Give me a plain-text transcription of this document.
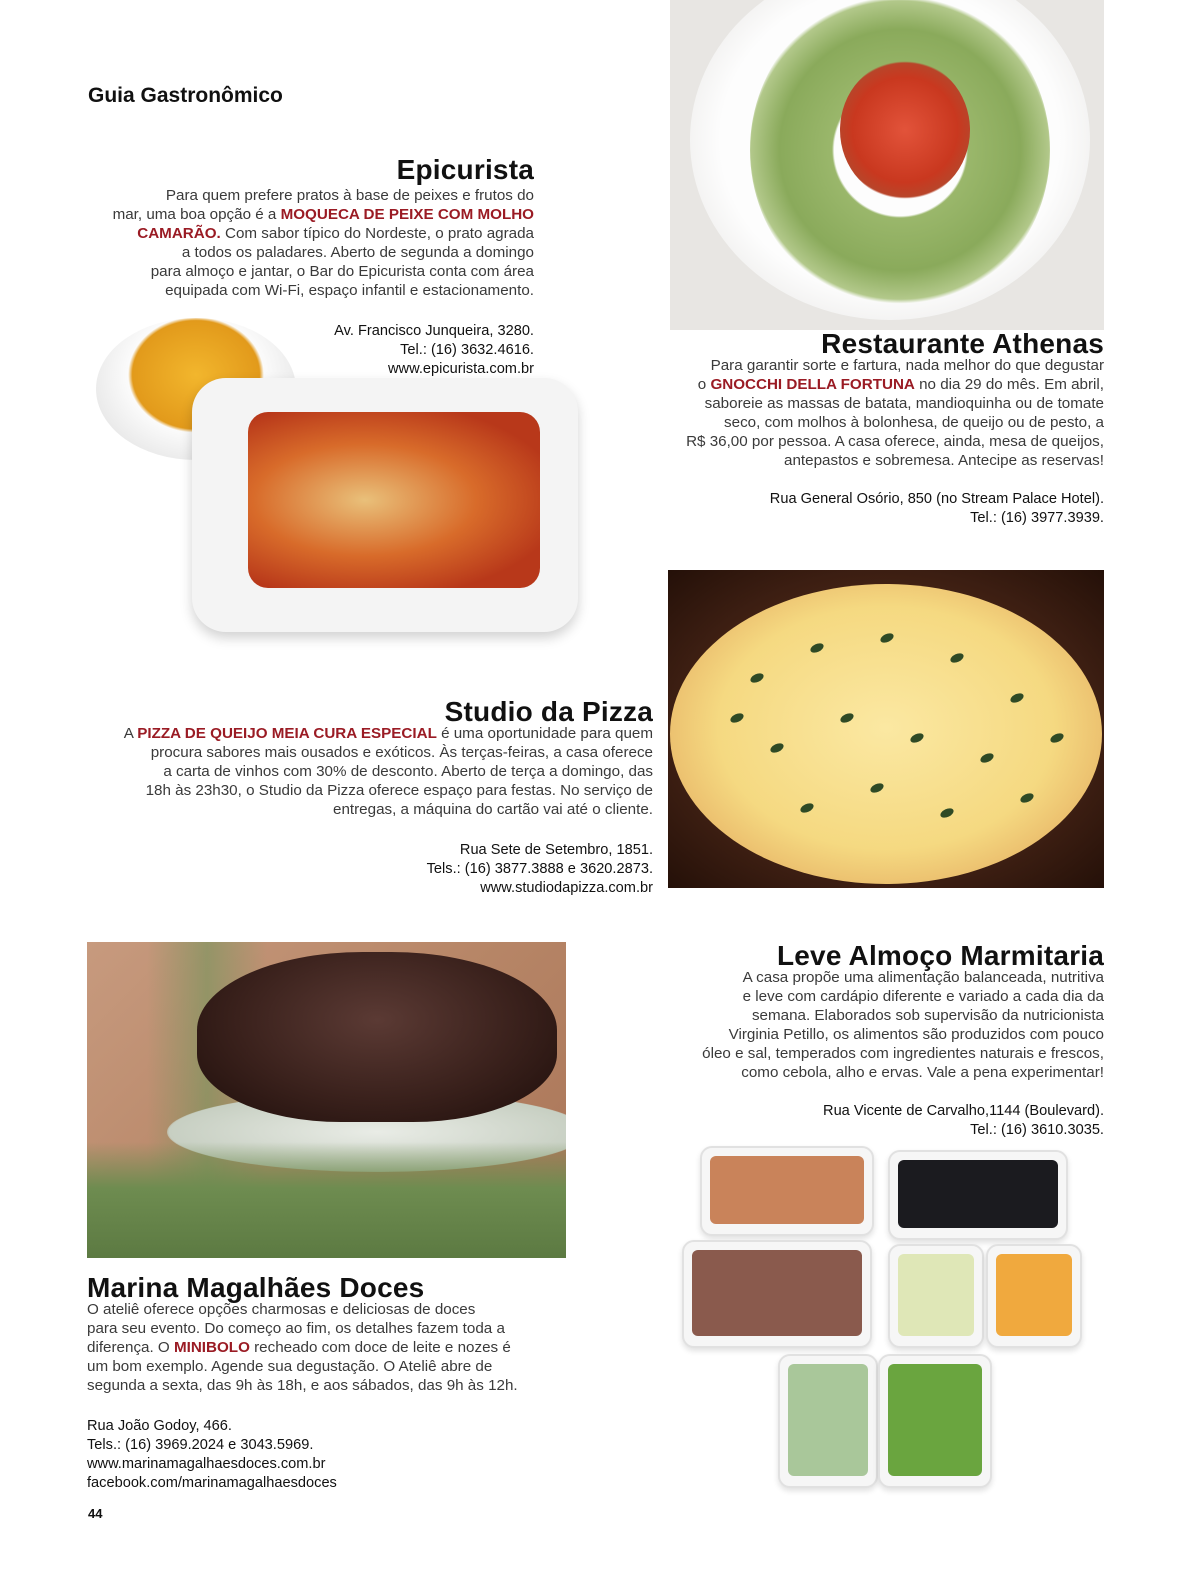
Guia Gastronômico
Epicurista
Para quem prefere pratos à base de peixes e frutos do
mar, uma boa opção é a MOQUECA DE PEIXE COM MOLHO
CAMARÃO. Com sabor típico do Nordeste, o prato agrada
a todos os paladares. Aberto de segunda a domingo
para almoço e jantar, o Bar do Epicurista conta com área
equipada com Wi-Fi, espaço infantil e estacionamento.
Av. Francisco Junqueira, 3280.
Tel.: (16) 3632.4616.
www.epicurista.com.br
Restaurante Athenas
Para garantir sorte e fartura, nada melhor do que degustar
o GNOCCHI DELLA FORTUNA no dia 29 do mês. Em abril,
saboreie as massas de batata, mandioquinha ou de tomate
seco, com molhos à bolonhesa, de queijo ou de pesto, a
R$ 36,00 por pessoa. A casa oferece, ainda, mesa de queijos,
antepastos e sobremesa. Antecipe as reservas!
Rua General Osório, 850 (no Stream Palace Hotel).
Tel.: (16) 3977.3939.
Studio da Pizza
A PIZZA DE QUEIJO MEIA CURA ESPECIAL é uma oportunidade para quem
procura sabores mais ousados e exóticos. Às terças-feiras, a casa oferece
a carta de vinhos com 30% de desconto. Aberto de terça a domingo, das
18h às 23h30, o Studio da Pizza oferece espaço para festas. No serviço de
entregas, a máquina do cartão vai até o cliente.
Rua Sete de Setembro, 1851.
Tels.: (16) 3877.3888 e 3620.2873.
www.studiodapizza.com.br
Leve Almoço Marmitaria
A casa propõe uma alimentação balanceada, nutritiva
e leve com cardápio diferente e variado a cada dia da
semana. Elaborados sob supervisão da nutricionista
Virginia Petillo, os alimentos são produzidos com pouco
óleo e sal, temperados com ingredientes naturais e frescos,
como cebola, alho e ervas. Vale a pena experimentar!
Rua Vicente de Carvalho,1144 (Boulevard).
Tel.: (16) 3610.3035.
Marina Magalhães Doces
O ateliê oferece opções charmosas e deliciosas de doces
para seu evento. Do começo ao fim, os detalhes fazem toda a
diferença. O MINIBOLO recheado com doce de leite e nozes é
um bom exemplo. Agende sua degustação. O Ateliê abre de
segunda a sexta, das 9h às 18h, e aos sábados, das 9h às 12h.
Rua João Godoy, 466.
Tels.: (16) 3969.2024 e 3043.5969.
www.marinamagalhaesdoces.com.br
facebook.com/marinamagalhaesdoces
44
